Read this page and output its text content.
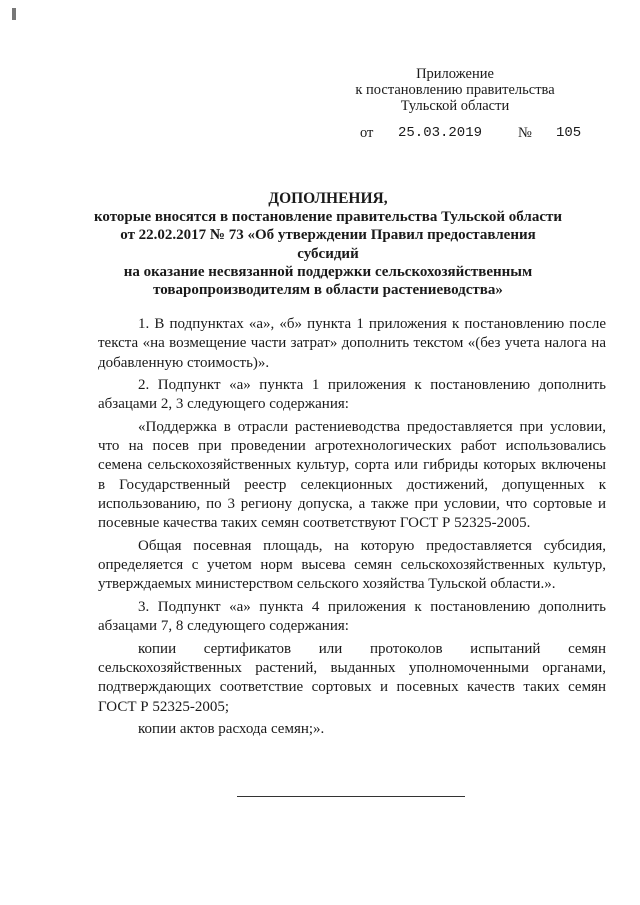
Приложение
к постановлению правительства
Тульской области
от 25.03.2019 № 105
ДОПОЛНЕНИЯ,
которые вносятся в постановление правительства Тульской области
от 22.02.2017 № 73 «Об утверждении Правил предоставления субсидий
на оказание несвязанной поддержки сельскохозяйственным
товаропроизводителям в области растениеводства»

1. В подпунктах «а», «б» пункта 1 приложения к постановлению после текста «на возмещение части затрат» дополнить текстом «(без учета налога на добавленную стоимость)».

2. Подпункт «а» пункта 1 приложения к постановлению дополнить абзацами 2, 3 следующего содержания:

«Поддержка в отрасли растениеводства предоставляется при условии, что на посев при проведении агротехнологических работ использовались семена сельскохозяйственных культур, сорта или гибриды которых включены в Государственный реестр селекционных достижений, допущенных к использованию, по 3 региону допуска, а также при условии, что сортовые и посевные качества таких семян соответствуют ГОСТ Р 52325-2005.

Общая посевная площадь, на которую предоставляется субсидия, определяется с учетом норм высева семян сельскохозяйственных культур, утверждаемых министерством сельского хозяйства Тульской области.».

3. Подпункт «а» пункта 4 приложения к постановлению дополнить абзацами 7, 8 следующего содержания:

копии сертификатов или протоколов испытаний семян сельскохозяйственных растений, выданных уполномоченными органами, подтверждающих соответствие сортовых и посевных качеств таких семян ГОСТ Р 52325-2005;

копии актов расхода семян;».
